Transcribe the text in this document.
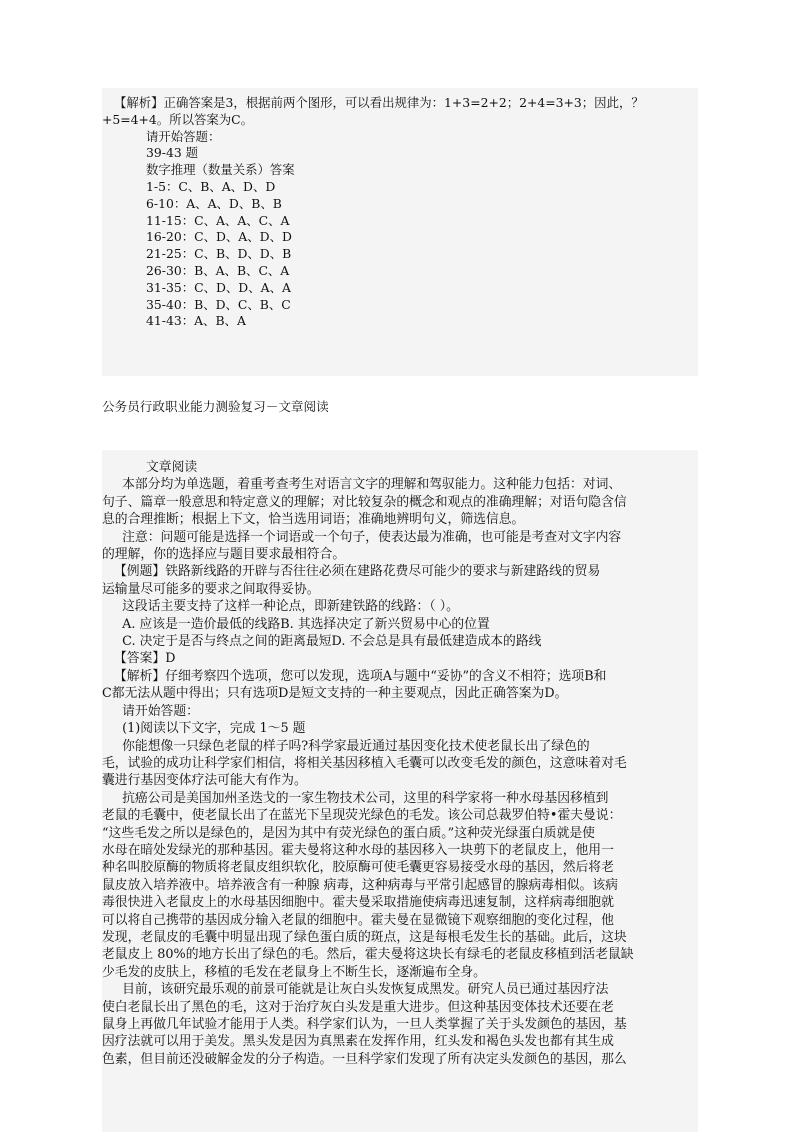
【解析】正确答案是3，根据前两个图形，可以看出规律为：1+3=2+2；2+4=3+3；因此，？
+5=4+4。所以答案为C。
请开始答题：
39-43 题
数字推理（数量关系）答案
1-5：C、B、A、D、D
6-10：A、A、D、B、B
11-15：C、A、A、C、A
16-20：C、D、A、D、D
21-25：C、B、D、D、B
26-30：B、A、B、C、A
31-35：C、D、D、A、A
35-40：B、D、C、B、C
41-43：A、B、A
公务员行政职业能力测验复习－文章阅读
文章阅读
本部分均为单选题，着重考查考生对语言文字的理解和驾驭能力。这种能力包括：对词、
句子、篇章一般意思和特定意义的理解；对比较复杂的概念和观点的准确理解；对语句隐含信
息的合理推断；根据上下文，恰当选用词语；准确地辨明句义，筛选信息。
注意：问题可能是选择一个词语或一个句子，使表达最为准确，也可能是考查对文字内容
的理解，你的选择应与题目要求最相符合。
【例题】铁路新线路的开辟与否往往必须在建路花费尽可能少的要求与新建路线的贸易
运输量尽可能多的要求之间取得妥协。
这段话主要支持了这样一种论点，即新建铁路的线路：（ ）。
A. 应该是一造价最低的线路B. 其选择决定了新兴贸易中心的位置
C. 决定于是否与终点之间的距离最短D. 不会总是具有最低建造成本的路线
【答案】D
【解析】仔细考察四个选项，您可以发现，选项A与题中“妥协”的含义不相符；选项B和
C都无法从题中得出；只有选项D是短文支持的一种主要观点，因此正确答案为D。
请开始答题：
(1)阅读以下文字，完成 1～5 题
你能想像一只绿色老鼠的样子吗?科学家最近通过基因变化技术使老鼠长出了绿色的
毛，试验的成功让科学家们相信，将相关基因移植入毛囊可以改变毛发的颜色，这意味着对毛
囊进行基因变体疗法可能大有作为。
抗癌公司是美国加州圣迭戈的一家生物技术公司，这里的科学家将一种水母基因移植到
老鼠的毛囊中，使老鼠长出了在蓝光下呈现荧光绿色的毛发。该公司总裁罗伯特•霍夫曼说：
“这些毛发之所以是绿色的，是因为其中有荧光绿色的蛋白质。”这种荧光绿蛋白质就是使
水母在暗处发绿光的那种基因。霍夫曼将这种水母的基因移入一块剪下的老鼠皮上，他用一
种名叫胶原酶的物质将老鼠皮组织软化，胶原酶可使毛囊更容易接受水母的基因，然后将老
鼠皮放入培养液中。培养液含有一种腺 病毒，这种病毒与平常引起感冒的腺病毒相似。该病
毒很快进入老鼠皮上的水母基因细胞中。霍夫曼采取措施使病毒迅速复制，这样病毒细胞就
可以将自己携带的基因成分输入老鼠的细胞中。霍夫曼在显微镜下观察细胞的变化过程，他
发现，老鼠皮的毛囊中明显出现了绿色蛋白质的斑点，这是每根毛发生长的基础。此后，这块
老鼠皮上 80%的地方长出了绿色的毛。然后，霍夫曼将这块长有绿毛的老鼠皮移植到活老鼠缺
少毛发的皮肤上，移植的毛发在老鼠身上不断生长，逐渐遍布全身。
目前，该研究最乐观的前景可能就是让灰白头发恢复成黑发。研究人员已通过基因疗法
使白老鼠长出了黑色的毛，这对于治疗灰白头发是重大进步。但这种基因变体技术还要在老
鼠身上再做几年试验才能用于人类。科学家们认为，一旦人类掌握了关于头发颜色的基因，基
因疗法就可以用于美发。黑头发是因为真黑素在发挥作用，红头发和褐色头发也都有其生成
色素，但目前还没破解金发的分子构造。一旦科学家们发现了所有决定头发颜色的基因，那么
